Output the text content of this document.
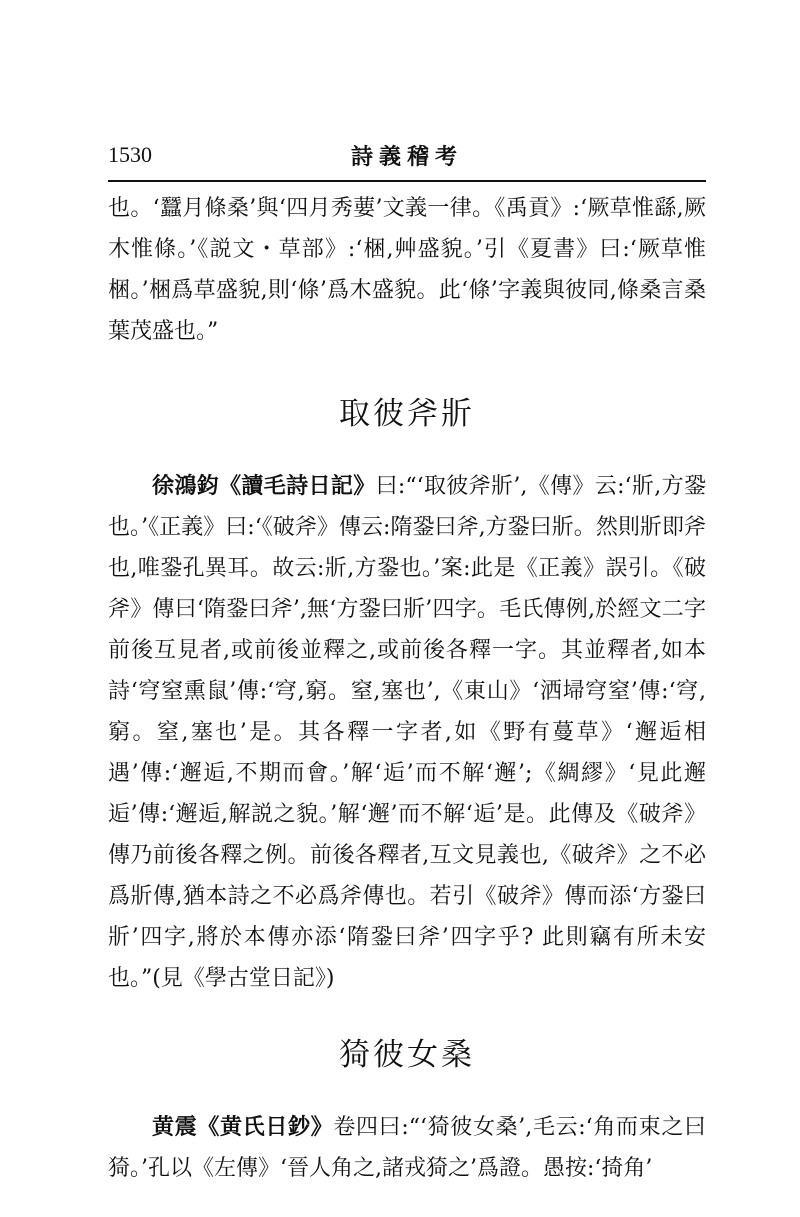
1530	詩義稽考

也。‘蠶月條桑’與‘四月秀葽’文義一律。《禹貢》:‘厥草惟繇,厥木惟條。’《説文・草部》:‘梱,艸盛貌。’引《夏書》曰:‘厥草惟梱。’梱爲草盛貌,則‘條’爲木盛貌。此‘條’字義與彼同,條桑言桑葉茂盛也。”

取彼斧斨

徐鴻鈞《讀毛詩日記》曰:“‘取彼斧斨’,《傳》云:‘斨,方銎也。’《正義》曰:‘《破斧》傳云:隋銎曰斧,方銎曰斨。然則斨即斧也,唯銎孔異耳。故云:斨,方銎也。’案:此是《正義》誤引。《破斧》傳曰‘隋銎曰斧’,無‘方銎曰斨’四字。毛氏傳例,於經文二字前後互見者,或前後並釋之,或前後各釋一字。其並釋者,如本詩‘穹窒熏鼠’傳:‘穹,窮。窒,塞也’,《東山》‘洒埽穹窒’傳:‘穹,窮。窒,塞也’是。其各釋一字者,如《野有蔓草》‘邂逅相遇’傳:‘邂逅,不期而會。’解‘逅’而不解‘邂’;《綢繆》‘見此邂逅’傳:‘邂逅,解説之貌。’解‘邂’而不解‘逅’是。此傳及《破斧》傳乃前後各釋之例。前後各釋者,互文見義也,《破斧》之不必爲斨傳,猶本詩之不必爲斧傳也。若引《破斧》傳而添‘方銎曰斨’四字,將於本傳亦添‘隋銎曰斧’四字乎? 此則竊有所未安也。”(見《學古堂日記》)

猗彼女桑

黄震《黄氏日鈔》卷四曰:“‘猗彼女桑’,毛云:‘角而束之曰猗。’孔以《左傳》‘晉人角之,諸戎猗之’爲證。愚按:‘掎角’
